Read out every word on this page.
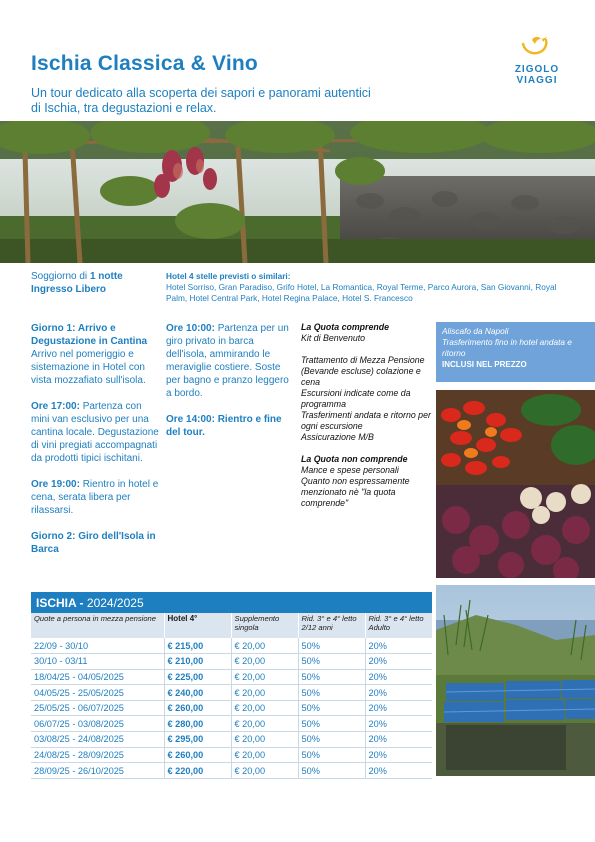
Ischia Classica & Vino
Un tour dedicato alla scoperta dei sapori e panorami autentici di Ischia, tra degustazioni e relax.
ZIGOLO
VIAGGI
Soggiorno di 1 notte
Ingresso Libero
Hotel 4 stelle previsti o similari:
Hotel Sorriso, Gran Paradiso, Grifo Hotel, La Romantica, Royal Terme, Parco Aurora, San Giovanni, Royal Palm, Hotel Central Park, Hotel Regina Palace, Hotel S. Francesco
Giorno 1: Arrivo e Degustazione in Cantina
Arrivo nel pomeriggio e sistemazione in Hotel con vista mozzafiato sull'isola.
Ore 17:00: Partenza con mini van esclusivo per una cantina locale. Degustazione di vini pregiati accompagnati da prodotti tipici ischitani.
Ore 19:00: Rientro in hotel e cena, serata libera per rilassarsi.
Giorno 2: Giro dell'Isola in Barca
Ore 10:00: Partenza per un giro privato in barca dell'isola, ammirando le meraviglie costiere. Soste per bagno e pranzo leggero a bordo.
Ore 14:00: Rientro e fine del tour.
La Quota comprende
Kit di Benvenuto
Trattamento di Mezza Pensione (Bevande escluse) colazione e cena
Escursioni indicate come da programma
Trasferimenti andata e ritorno per ogni escursione
Assicurazione M/B
La Quota non comprende
Mance e spese personali
Quanto non espressamente menzionato nè "la quota comprende"
Aliscafo da Napoli
Trasferimento fino in hotel andata e ritorno
INCLUSI NEL PREZZO
ISCHIA - 2024/2025
Quote a persona in mezza pensione	Hotel 4°	Supplemento singola	Rid. 3° e 4° letto 2/12 anni	Rid. 3° e 4° letto Adulto
22/09 - 30/10	€ 215,00	€ 20,00	50%	20%
30/10 - 03/11	€ 210,00	€ 20,00	50%	20%
18/04/25 - 04/05/2025	€ 225,00	€ 20,00	50%	20%
04/05/25 - 25/05/2025	€ 240,00	€ 20,00	50%	20%
25/05/25 - 06/07/2025	€ 260,00	€ 20,00	50%	20%
06/07/25 - 03/08/2025	€ 280,00	€ 20,00	50%	20%
03/08/25 - 24/08/2025	€ 295,00	€ 20,00	50%	20%
24/08/25 - 28/09/2025	€ 260,00	€ 20,00	50%	20%
28/09/25 - 26/10/2025	€ 220,00	€ 20,00	50%	20%
